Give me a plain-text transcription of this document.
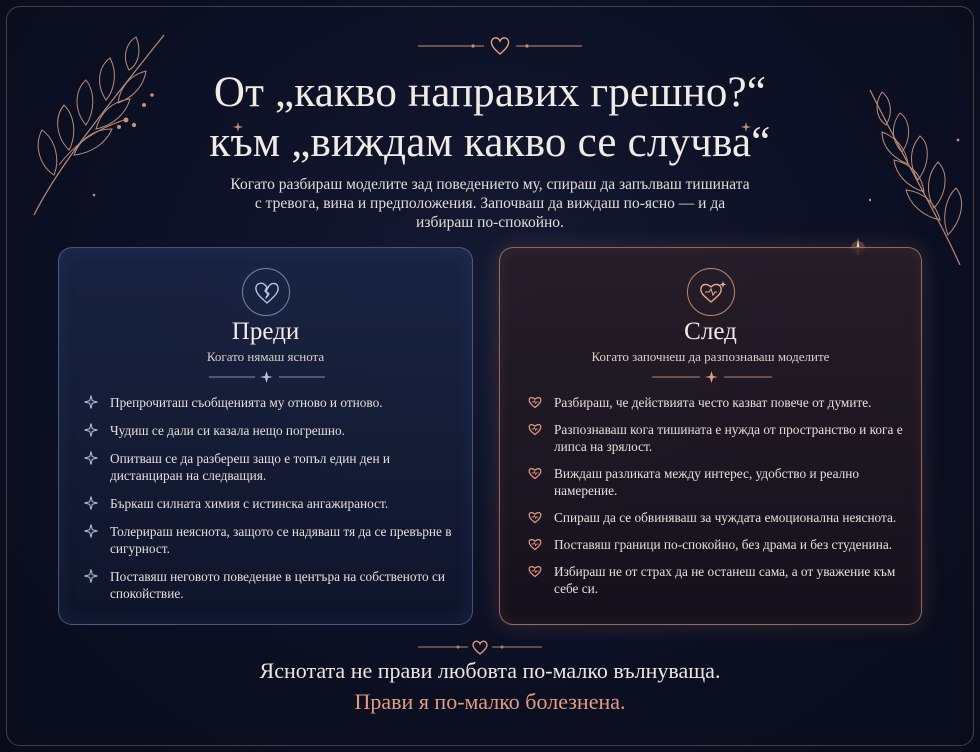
От „какво направих грешно?“
към „виждам какво се случва“
Когато разбираш моделите зад поведението му, спираш да запълваш тишината с тревога, вина и предположения. Започваш да виждаш по-ясно — и да избираш по-спокойно.
Преди
Когато нямаш яснота
Препрочиташ съобщенията му отново и отново.
Чудиш се дали си казала нещо погрешно.
Опитваш се да разбереш защо е топъл един ден и дистанциран на следващия.
Бъркаш силната химия с истинска ангажираност.
Толерираш неяснота, защото се надяваш тя да се превърне в сигурност.
Поставяш неговото поведение в центъра на собственото си спокойствие.
След
Когато започнеш да разпознаваш моделите
Разбираш, че действията често казват повече от думите.
Разпознаваш кога тишината е нужда от пространство и кога е липса на зрялост.
Виждаш разликата между интерес, удобство и реално намерение.
Спираш да се обвиняваш за чуждата емоционална неяснота.
Поставяш граници по-спокойно, без драма и без студенина.
Избираш не от страх да не останеш сама, а от уважение към себе си.
Яснотата не прави любовта по-малко вълнуваща.
Прави я по-малко болезнена.
